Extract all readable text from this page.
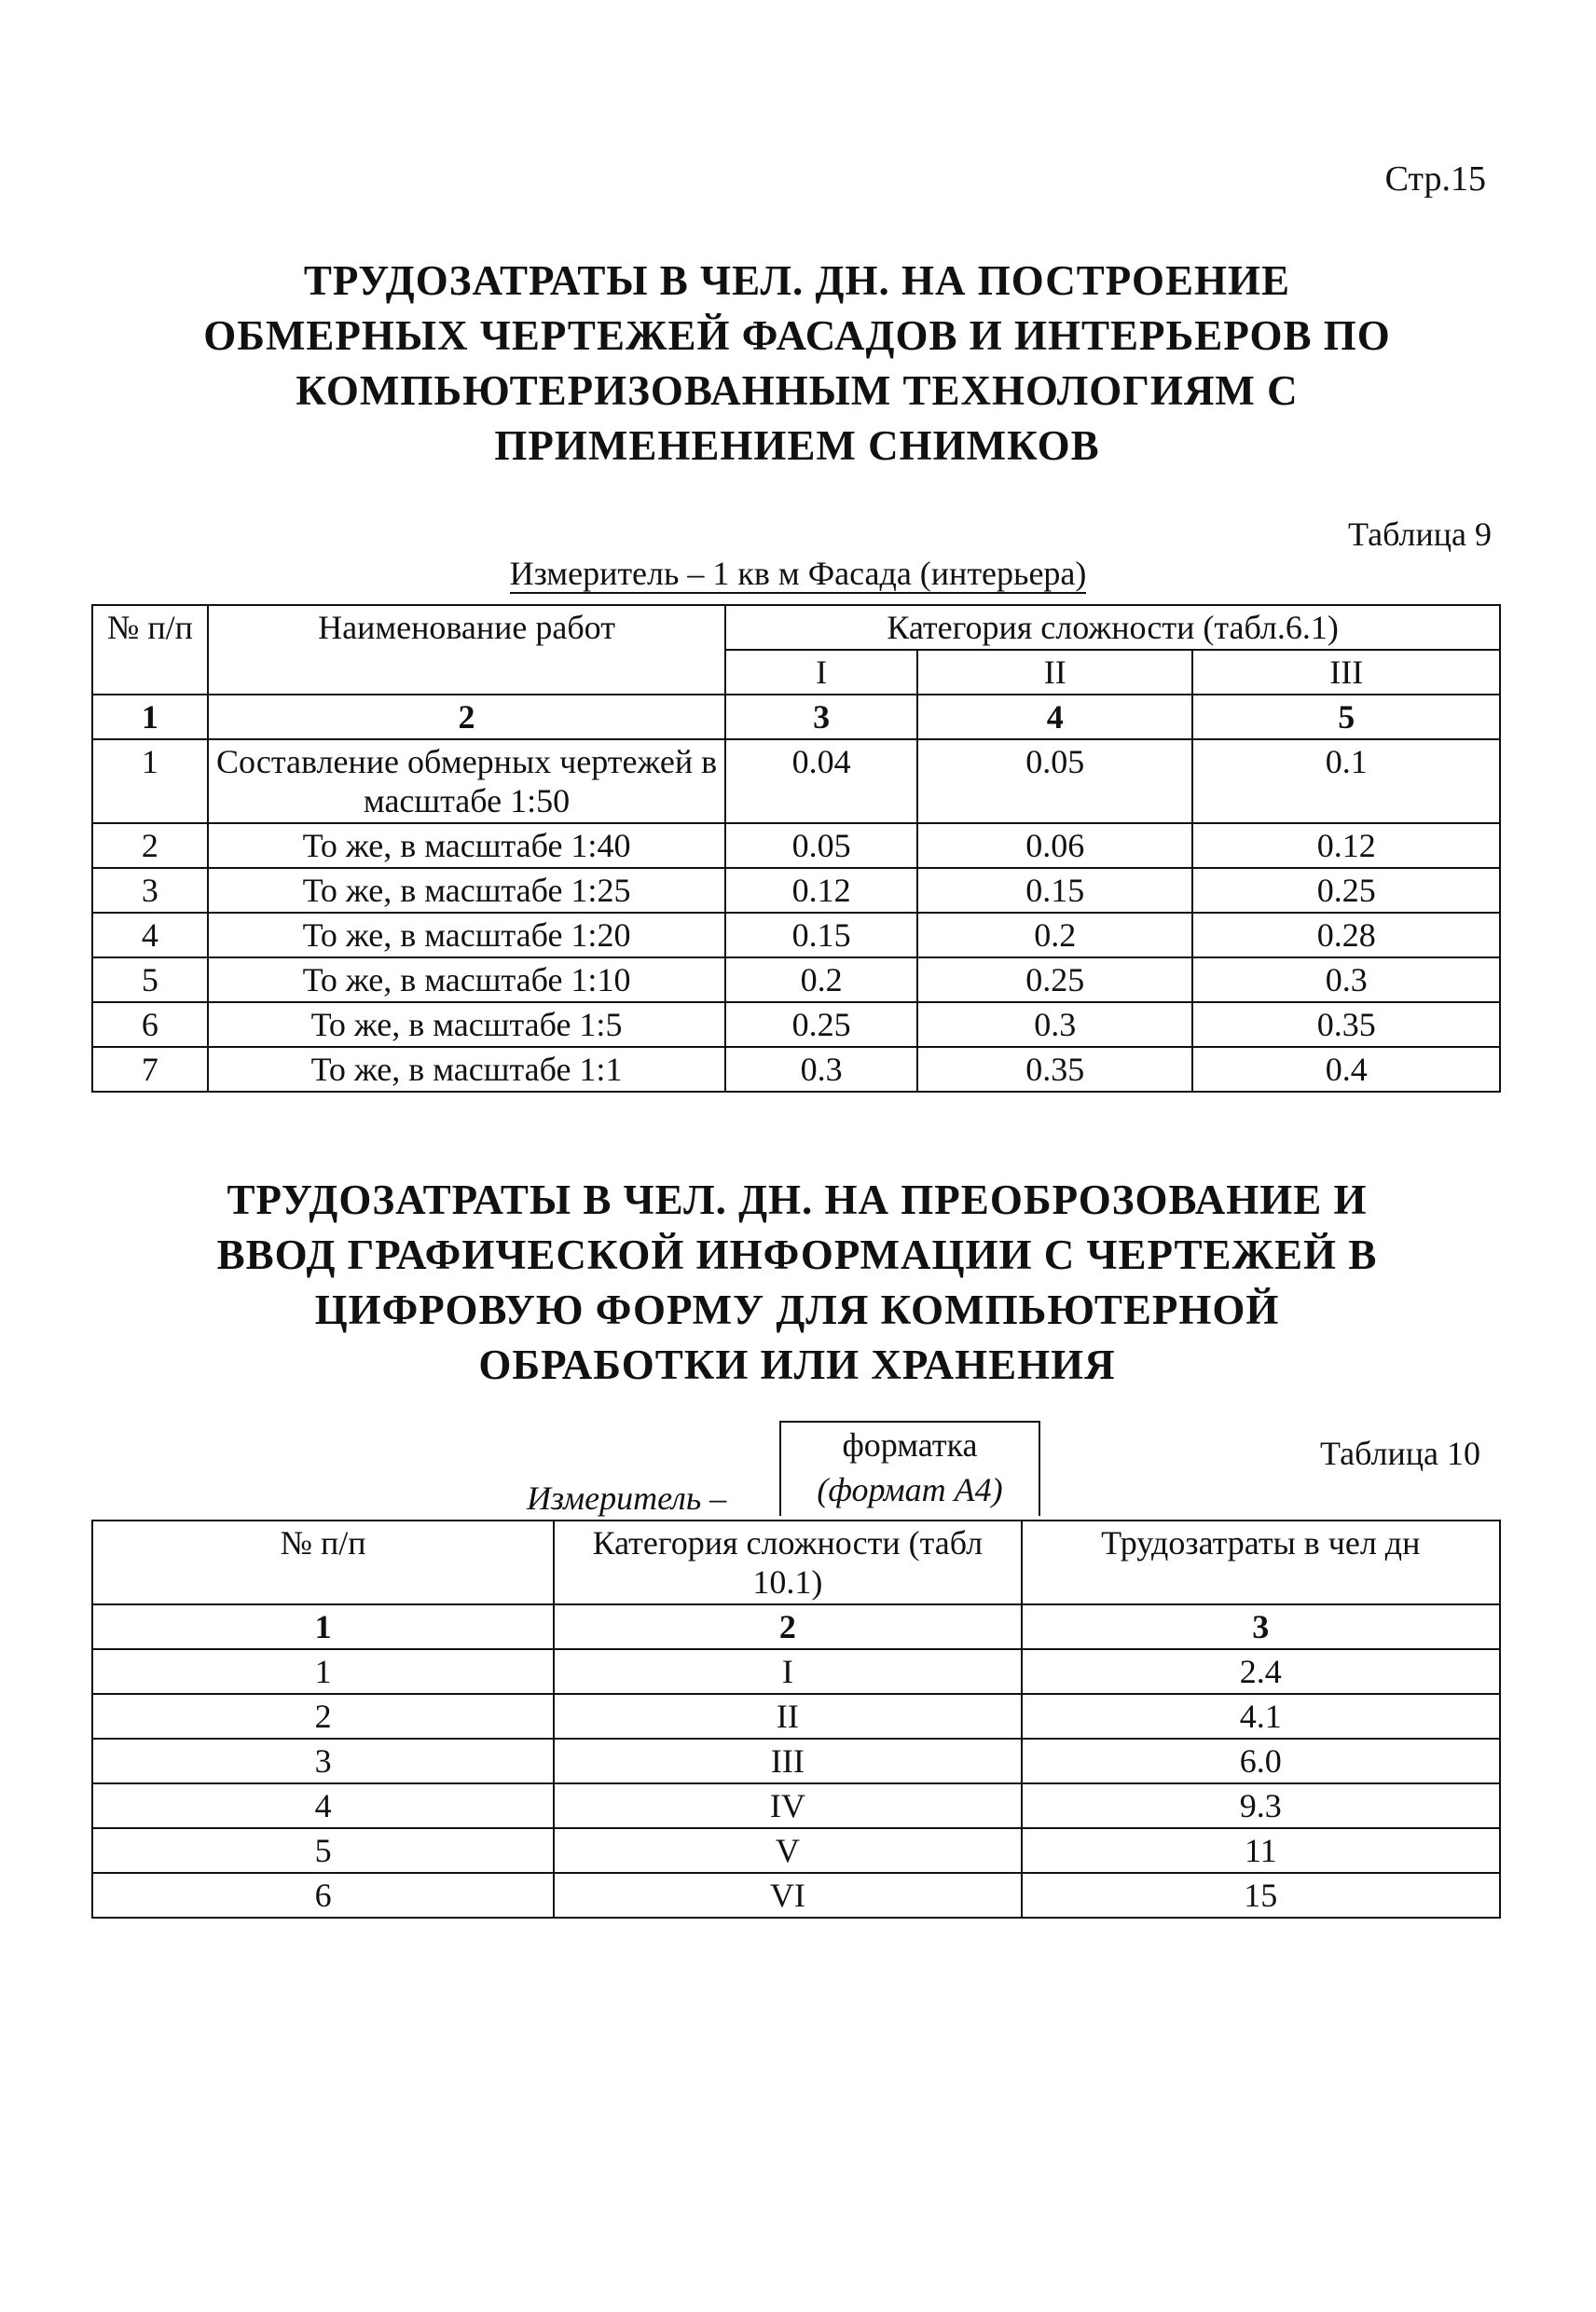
Стр.15
ТРУДОЗАТРАТЫ В ЧЕЛ. ДН. НА ПОСТРОЕНИЕ
ОБМЕРНЫХ ЧЕРТЕЖЕЙ ФАСАДОВ И ИНТЕРЬЕРОВ ПО
КОМПЬЮТЕРИЗОВАННЫМ ТЕХНОЛОГИЯМ С
ПРИМЕНЕНИЕМ СНИМКОВ
Таблица 9
Измеритель – 1 кв м Фасада (интерьера)
№ п/п	Наименование работ	Категория сложности (табл.6.1)		
		I	II	III
1	2	3	4	5
1	Составление обмерных чертежей в масштабе 1:50	0.04	0.05	0.1
2	То же, в масштабе 1:40	0.05	0.06	0.12
3	То же, в масштабе 1:25	0.12	0.15	0.25
4	То же, в масштабе 1:20	0.15	0.2	0.28
5	То же, в масштабе 1:10	0.2	0.25	0.3
6	То же, в масштабе 1:5	0.25	0.3	0.35
7	То же, в масштабе 1:1	0.3	0.35	0.4
ТРУДОЗАТРАТЫ В ЧЕЛ. ДН. НА ПРЕОБРОЗОВАНИЕ И
ВВОД ГРАФИЧЕСКОЙ ИНФОРМАЦИИ С ЧЕРТЕЖЕЙ В
ЦИФРОВУЮ ФОРМУ ДЛЯ КОМПЬЮТЕРНОЙ
ОБРАБОТКИ ИЛИ ХРАНЕНИЯ
Таблица 10
Измеритель –
форматка
(формат А4)
№ п/п	Категория сложности (табл 10.1)	Трудозатраты в чел дн
1	2	3
1	I	2.4
2	II	4.1
3	III	6.0
4	IV	9.3
5	V	11
6	VI	15
